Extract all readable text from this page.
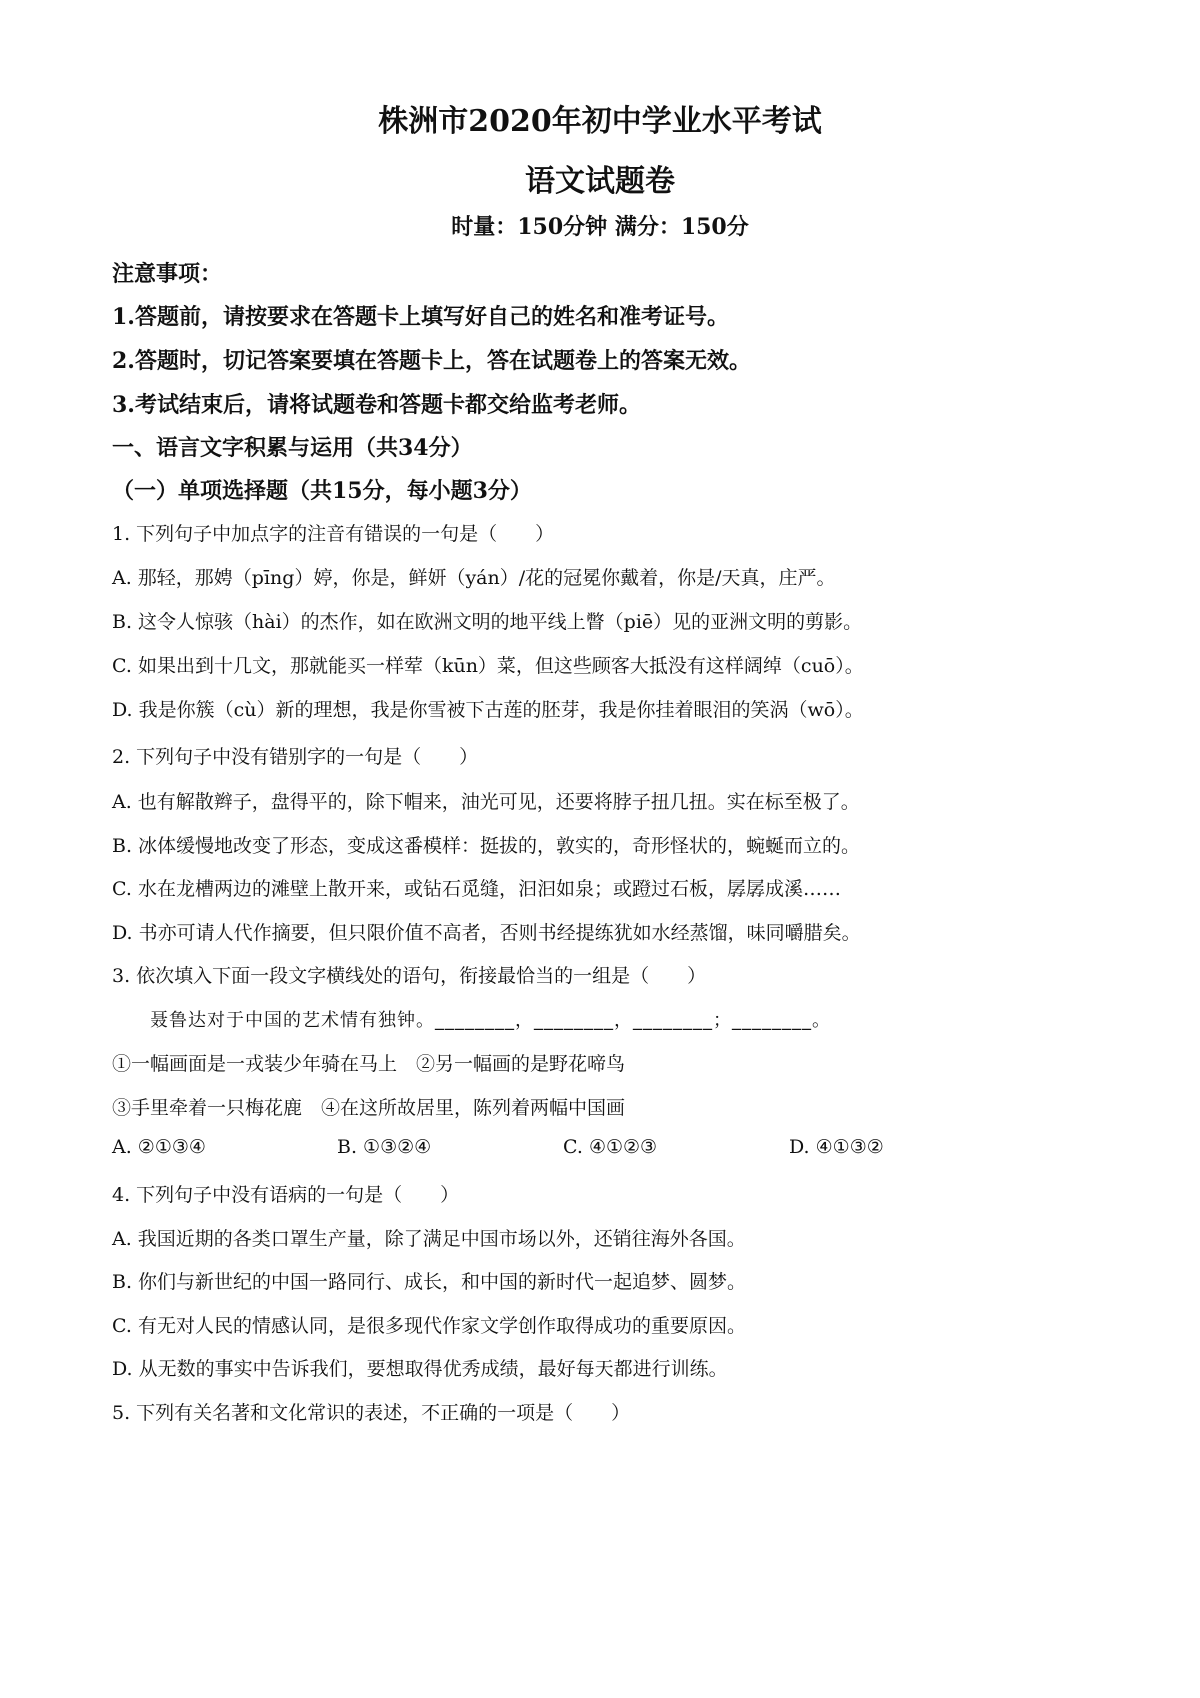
株洲市2020年初中学业水平考试
语文试题卷
时量：150分钟 满分：150分
注意事项：
1.答题前，请按要求在答题卡上填写好自己的姓名和准考证号。
2.答题时，切记答案要填在答题卡上，答在试题卷上的答案无效。
3.考试结束后，请将试题卷和答题卡都交给监考老师。
一、语言文字积累与运用（共34分）
（一）单项选择题（共15分，每小题3分）
1. 下列句子中加点字的注音有错误的一句是（　　）
A. 那轻，那娉（pīng）婷，你是，鲜妍（yán）/花的冠冕你戴着，你是/天真，庄严。
B. 这令人惊骇（hài）的杰作，如在欧洲文明的地平线上瞥（piē）见的亚洲文明的剪影。
C. 如果出到十几文，那就能买一样荤（kūn）菜，但这些顾客大抵没有这样阔绰（cuō）。
D. 我是你簇（cù）新的理想，我是你雪被下古莲的胚芽，我是你挂着眼泪的笑涡（wō）。
2. 下列句子中没有错别字的一句是（　　）
A. 也有解散辫子，盘得平的，除下帽来，油光可见，还要将脖子扭几扭。实在标至极了。
B. 冰体缓慢地改变了形态，变成这番模样：挺拔的，敦实的，奇形怪状的，蜿蜒而立的。
C. 水在龙槽两边的滩壁上散开来，或钻石觅缝，汩汩如泉；或蹬过石板，孱孱成溪……
D. 书亦可请人代作摘要，但只限价值不高者，否则书经提练犹如水经蒸馏，味同嚼腊矣。
3. 依次填入下面一段文字横线处的语句，衔接最恰当的一组是（　　）
聂鲁达对于中国的艺术情有独钟。________，________，________；________。
①一幅画面是一戎装少年骑在马上　②另一幅画的是野花啼鸟
③手里牵着一只梅花鹿　④在这所故居里，陈列着两幅中国画
A. ②①③④	B. ①③②④	C. ④①②③	D. ④①③②
4. 下列句子中没有语病的一句是（　　）
A. 我国近期的各类口罩生产量，除了满足中国市场以外，还销往海外各国。
B. 你们与新世纪的中国一路同行、成长，和中国的新时代一起追梦、圆梦。
C. 有无对人民的情感认同，是很多现代作家文学创作取得成功的重要原因。
D. 从无数的事实中告诉我们，要想取得优秀成绩，最好每天都进行训练。
5. 下列有关名著和文化常识的表述，不正确的一项是（　　）
